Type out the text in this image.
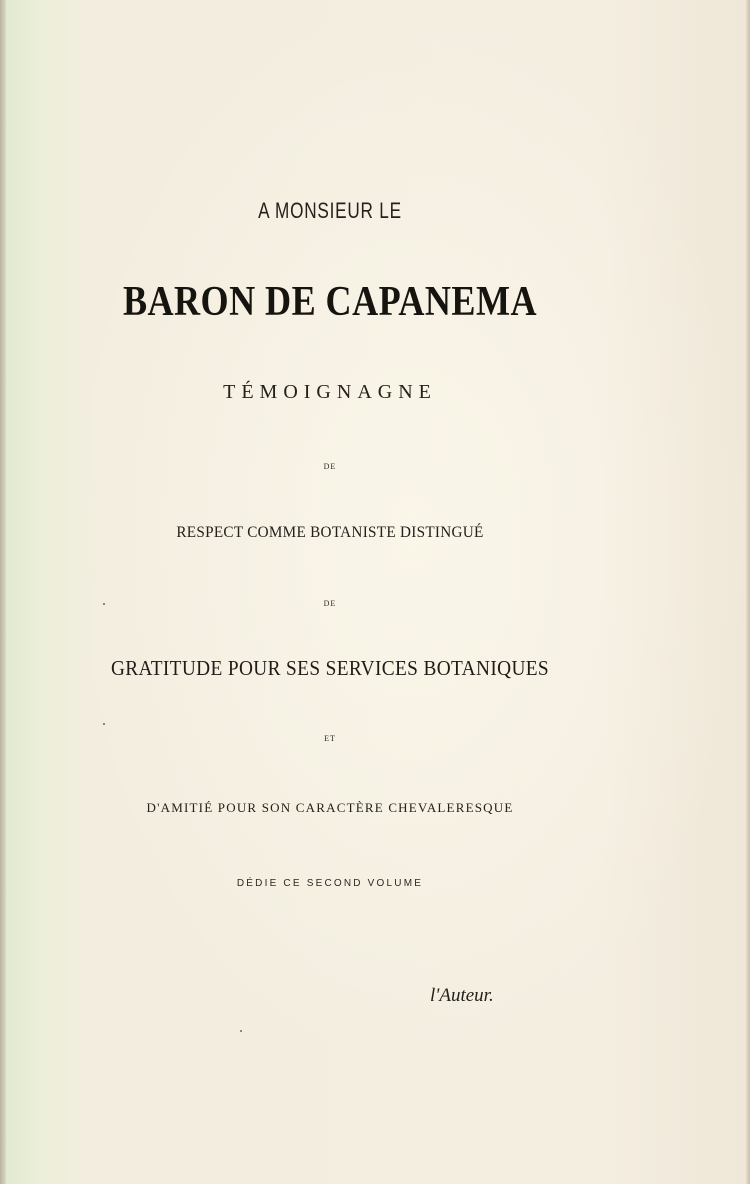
A MONSIEUR LE
BARON DE CAPANEMA
TÉMOIGNAGNE
DE
RESPECT COMME BOTANISTE DISTINGUÉ
DE
GRATITUDE POUR SES SERVICES BOTANIQUES
ET
D'AMITIÉ POUR SON CARACTÈRE CHEVALERESQUE
DÉDIE CE SECOND VOLUME
l'Auteur.
